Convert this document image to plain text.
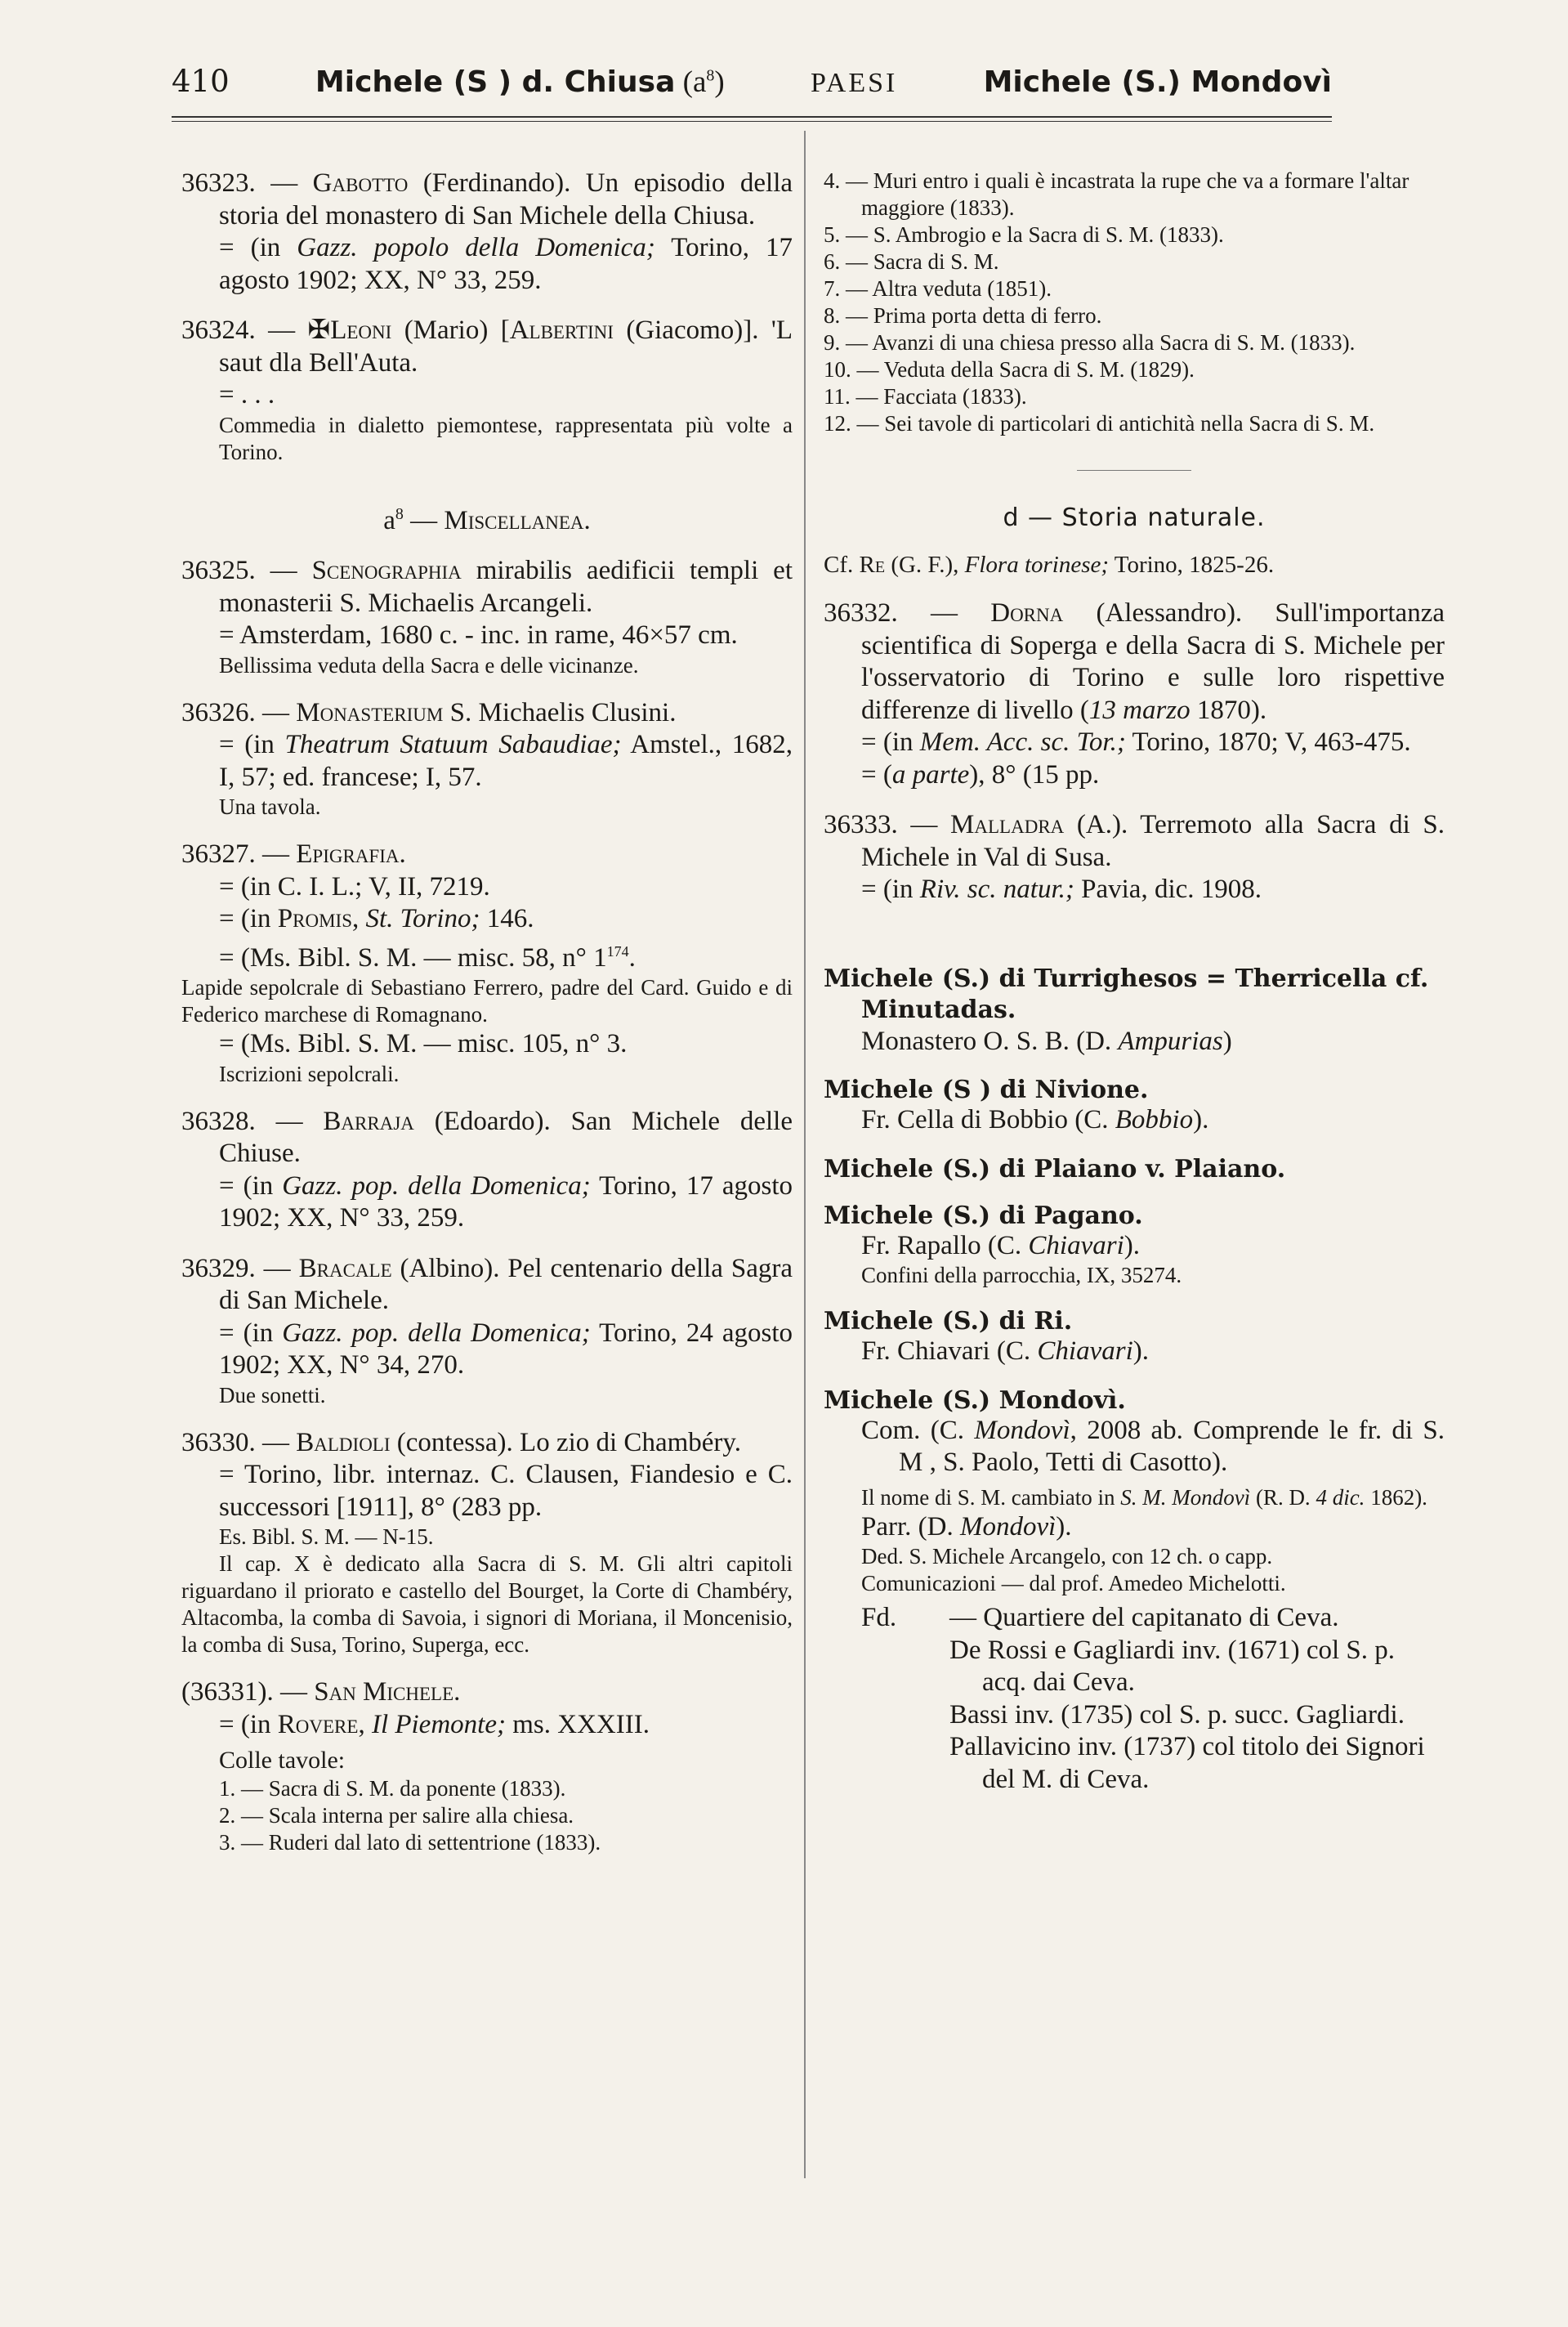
410	Michele (S ) d. Chiusa $(a^8)$	PAESI	Michele (S.) Mondovì
36323. — Gabotto (Ferdinando). Un episodio della storia del monastero di San Michele della Chiusa.
= (in Gazz. popolo della Domenica; Torino, 17 agosto 1902; XX, N° 33, 259.
36324. — ✠Leoni (Mario) [Albertini (Giacomo)]. 'L saut dla Bell'Auta.
= . . .
Commedia in dialetto piemontese, rappresentata più volte a Torino.
$a^8$ — Miscellanea.
36325. — Scenographia mirabilis aedificii templi et monasterii S. Michaelis Arcangeli.
= Amsterdam, 1680 c. - inc. in rame, 46×57 cm.
Bellissima veduta della Sacra e delle vicinanze.
36326. — Monasterium S. Michaelis Clusini.
= (in Theatrum Statuum Sabaudiae; Amstel., 1682, I, 57; ed. francese; I, 57.
Una tavola.
36327. — Epigrafia.
= (in C. I. L.; V, II, 7219.
= (in Promis, St. Torino; 146.
= (Ms. Bibl. S. M. — misc. 58, n° $1^{174}$.
Lapide sepolcrale di Sebastiano Ferrero, padre del Card. Guido e di Federico marchese di Romagnano.
= (Ms. Bibl. S. M. — misc. 105, n° 3.
Iscrizioni sepolcrali.
36328. — Barraja (Edoardo). San Michele delle Chiuse.
= (in Gazz. pop. della Domenica; Torino, 17 agosto 1902; XX, N° 33, 259.
36329. — Bracale (Albino). Pel centenario della Sagra di San Michele.
= (in Gazz. pop. della Domenica; Torino, 24 agosto 1902; XX, N° 34, 270.
Due sonetti.
36330. — Baldioli (contessa). Lo zio di Chambéry.
= Torino, libr. internaz. C. Clausen, Fiandesio e C. successori [1911], 8° (283 pp.
Es. Bibl. S. M. — N-15.
Il cap. X è dedicato alla Sacra di S. M. Gli altri capitoli riguardano il priorato e castello del Bourget, la Corte di Chambéry, Altacomba, la comba di Savoia, i signori di Moriana, il Moncenisio, la comba di Susa, Torino, Superga, ecc.
(36331). — San Michele.
= (in Rovere, Il Piemonte; ms. XXXIII.
Colle tavole:
1. — Sacra di S. M. da ponente (1833).
2. — Scala interna per salire alla chiesa.
3. — Ruderi dal lato di settentrione (1833).
4. — Muri entro i quali è incastrata la rupe che va a formare l'altar maggiore (1833).
5. — S. Ambrogio e la Sacra di S. M. (1833).
6. — Sacra di S. M.
7. — Altra veduta (1851).
8. — Prima porta detta di ferro.
9. — Avanzi di una chiesa presso alla Sacra di S. M. (1833).
10. — Veduta della Sacra di S. M. (1829).
11. — Facciata (1833).
12. — Sei tavole di particolari di antichità nella Sacra di S. M.
d — Storia naturale.
Cf. Re (G. F.), Flora torinese; Torino, 1825-26.
36332. — Dorna (Alessandro). Sull'importanza scientifica di Soperga e della Sacra di S. Michele per l'osservatorio di Torino e sulle loro rispettive differenze di livello (13 marzo 1870).
= (in Mem. Acc. sc. Tor.; Torino, 1870; V, 463-475.
= (a parte), 8° (15 pp.
36333. — Malladra (A.). Terremoto alla Sacra di S. Michele in Val di Susa.
= (in Riv. sc. natur.; Pavia, dic. 1908.
Michele (S.) di Turrighesos = Therricella cf. Minutadas.
Monastero O. S. B. (D. Ampurias)
Michele (S ) di Nivione.
Fr. Cella di Bobbio (C. Bobbio).
Michele (S.) di Plaiano v. Plaiano.
Michele (S.) di Pagano.
Fr. Rapallo (C. Chiavari).
Confini della parrocchia, IX, 35274.
Michele (S.) di Ri.
Fr. Chiavari (C. Chiavari).
Michele (S.) Mondovì.
Com. (C. Mondovì, 2008 ab. Comprende le fr. di S. M , S. Paolo, Tetti di Casotto).
Il nome di S. M. cambiato in S. M. Mondovì (R. D. 4 dic. 1862).
Parr. (D. Mondovì).
Ded. S. Michele Arcangelo, con 12 ch. o capp.
Comunicazioni — dal prof. Amedeo Michelotti.
Fd.	— Quartiere del capitanato di Ceva.
De Rossi e Gagliardi inv. (1671) col S. p. acq. dai Ceva.
Bassi inv. (1735) col S. p. succ. Gagliardi.
Pallavicino inv. (1737) col titolo dei Signori del M. di Ceva.
